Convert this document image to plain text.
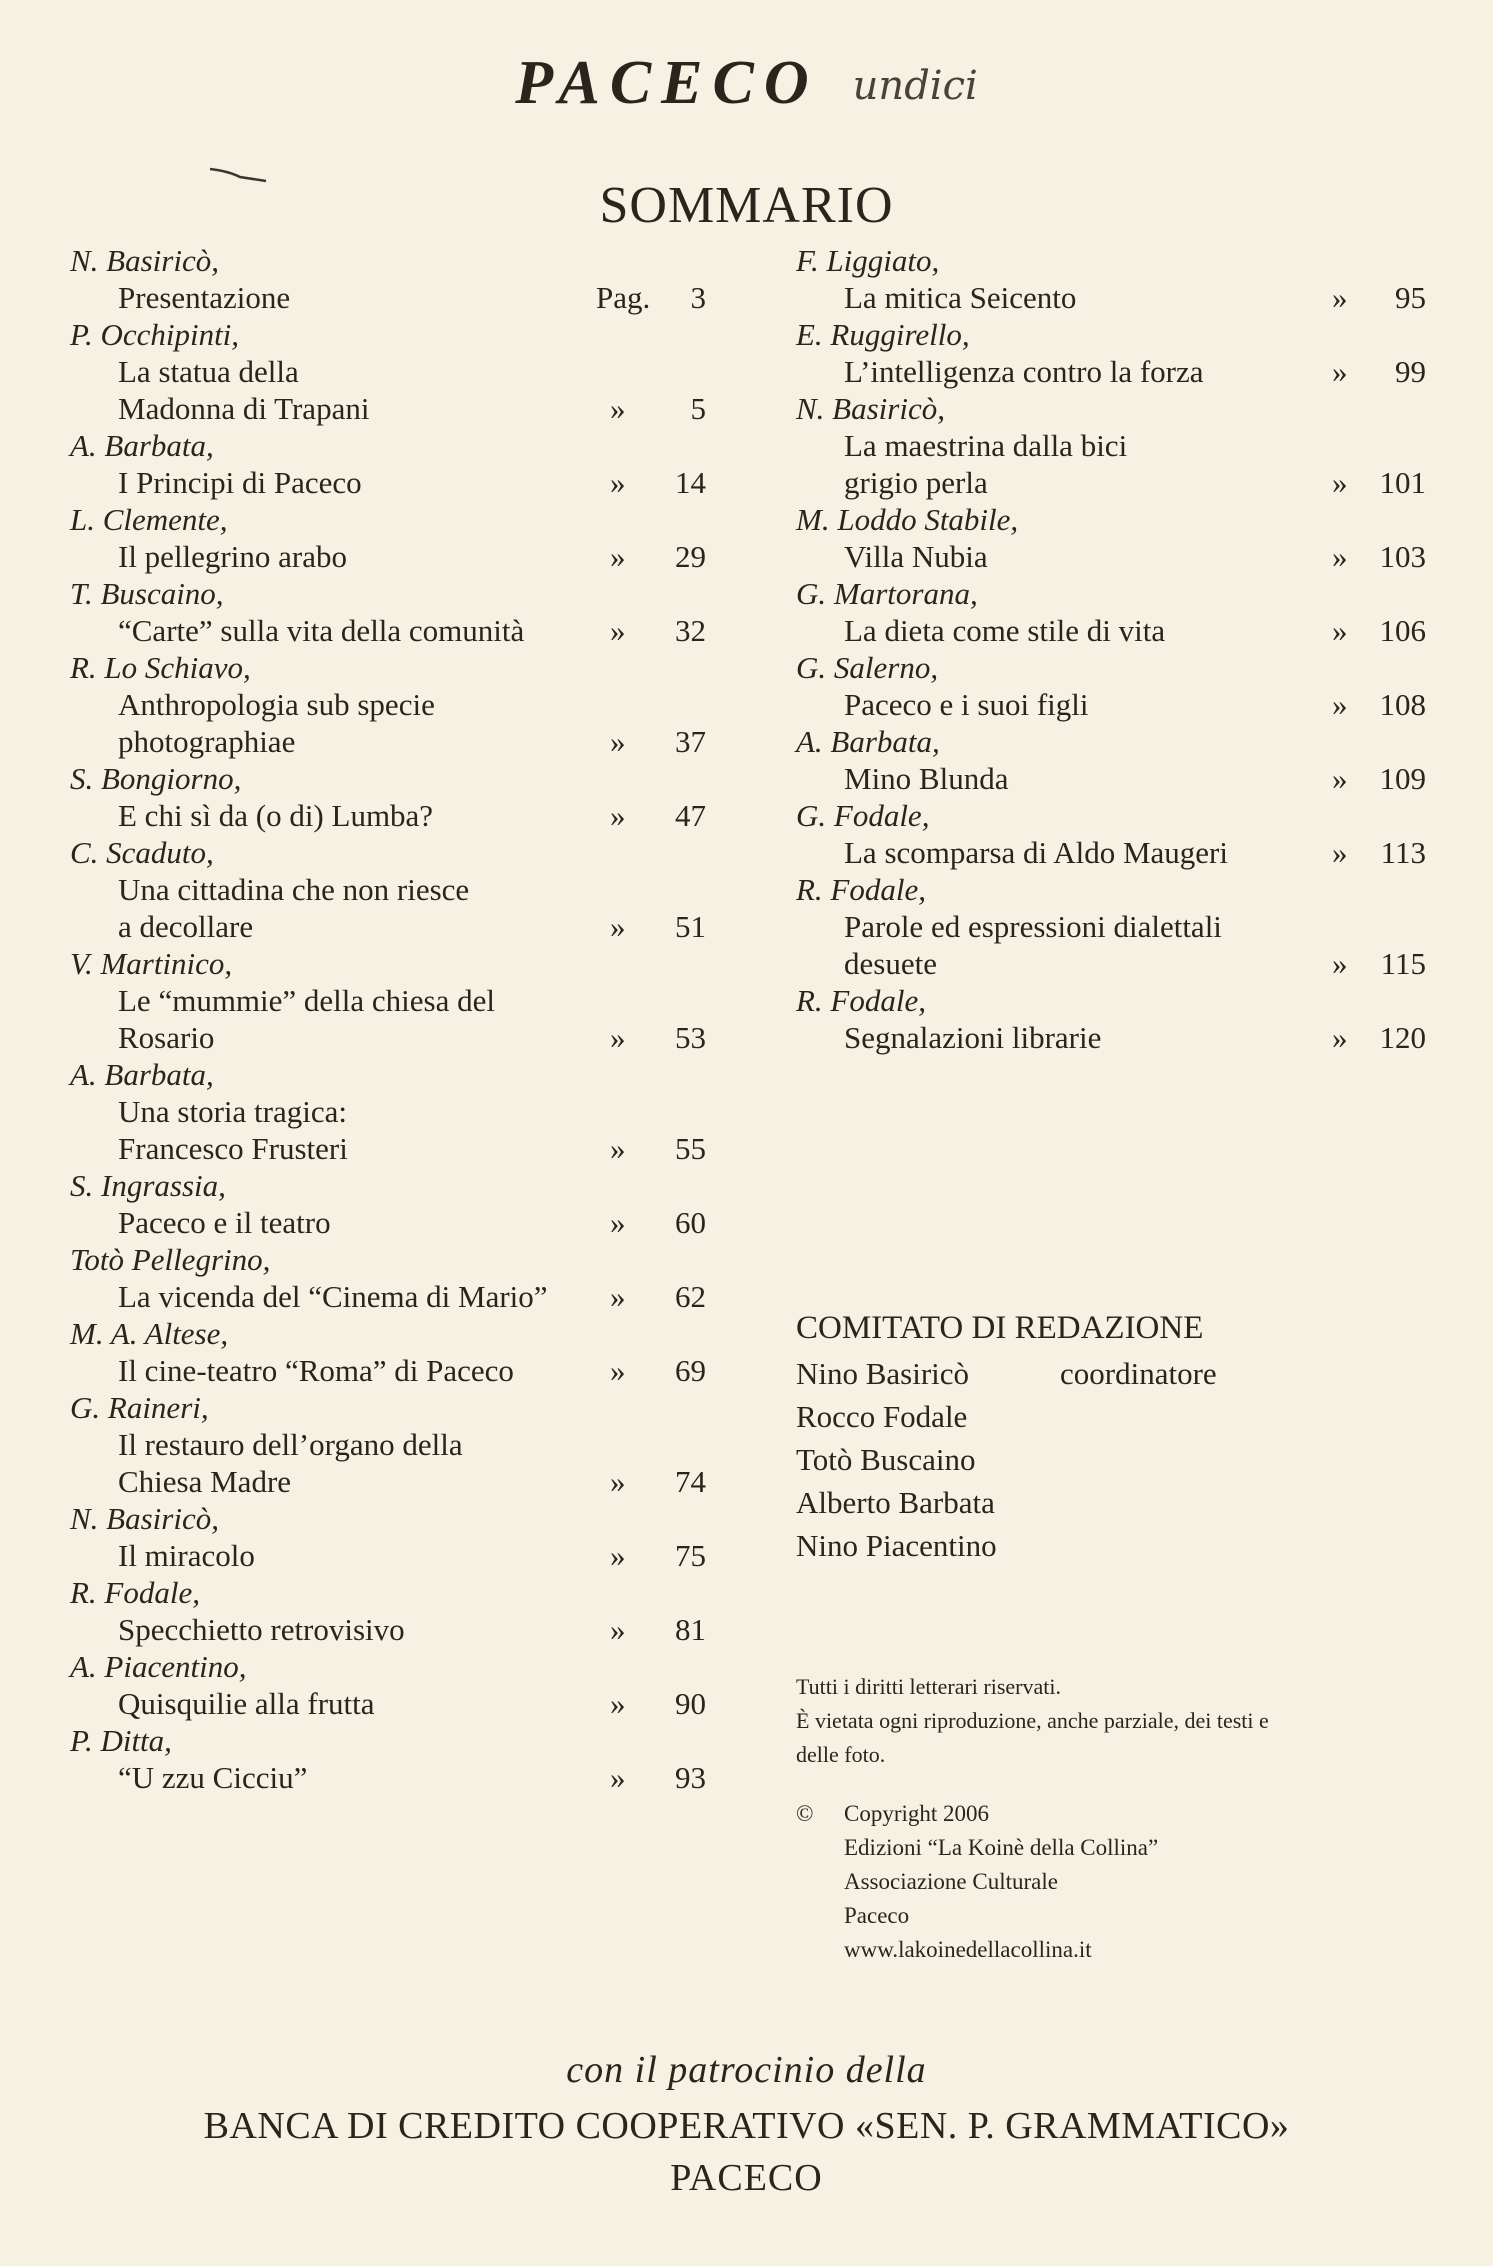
PACECO undici
SOMMARIO
N. Basiricò,
Presentazione	Pag. 3
P. Occhipinti,
La statua della
Madonna di Trapani	» 5
A. Barbata,
I Principi di Paceco	» 14
L. Clemente,
Il pellegrino arabo	» 29
T. Buscaino,
“Carte” sulla vita della comunità	» 32
R. Lo Schiavo,
Anthropologia sub specie
photographiae	» 37
S. Bongiorno,
E chi sì da (o di) Lumba?	» 47
C. Scaduto,
Una cittadina che non riesce
a decollare	» 51
V. Martinico,
Le “mummie” della chiesa del
Rosario	» 53
A. Barbata,
Una storia tragica:
Francesco Frusteri	» 55
S. Ingrassia,
Paceco e il teatro	» 60
Totò Pellegrino,
La vicenda del “Cinema di Mario” » 62
M. A. Altese,
Il cine-teatro “Roma” di Paceco	» 69
G. Raineri,
Il restauro dell’organo della
Chiesa Madre	» 74
N. Basiricò,
Il miracolo	» 75
R. Fodale,
Specchietto retrovisivo	» 81
A. Piacentino,
Quisquilie alla frutta	» 90
P. Ditta,
“U zzu Cicciu”	» 93
F. Liggiato,
La mitica Seicento	» 95
E. Ruggirello,
L’intelligenza contro la forza	» 99
N. Basiricò,
La maestrina dalla bici
grigio perla	» 101
M. Loddo Stabile,
Villa Nubia	» 103
G. Martorana,
La dieta come stile di vita	» 106
G. Salerno,
Paceco e i suoi figli	» 108
A. Barbata,
Mino Blunda	» 109
G. Fodale,
La scomparsa di Aldo Maugeri	» 113
R. Fodale,
Parole ed espressioni dialettali
desuete	» 115
R. Fodale,
Segnalazioni librarie	» 120
COMITATO DI REDAZIONE
Nino Basiricò	coordinatore
Rocco Fodale
Totò Buscaino
Alberto Barbata
Nino Piacentino
Tutti i diritti letterari riservati.
È vietata ogni riproduzione, anche parziale, dei testi e
delle foto.
© Copyright 2006
Edizioni “La Koinè della Collina”
Associazione Culturale
Paceco
www.lakoinedellacollina.it
con il patrocinio della
BANCA DI CREDITO COOPERATIVO «SEN. P. GRAMMATICO»
PACECO
